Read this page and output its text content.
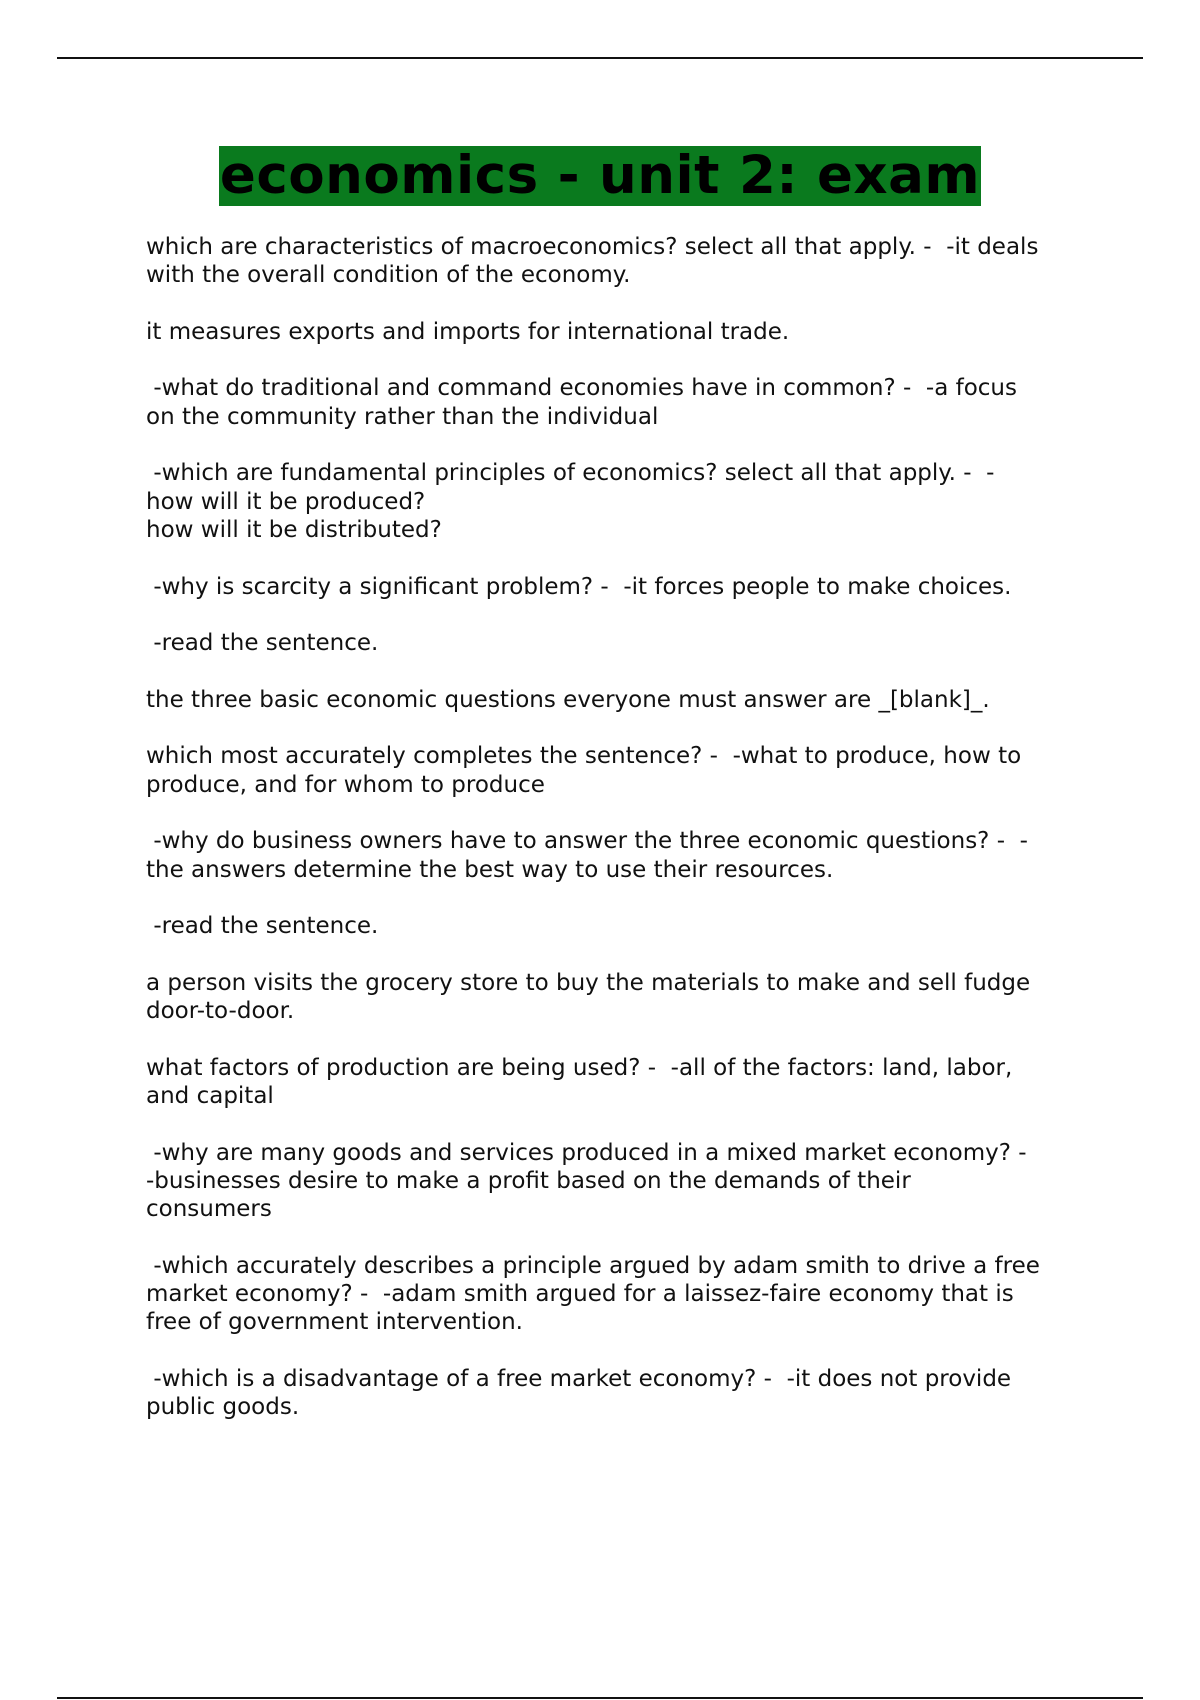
economics - unit 2: exam

which are characteristics of macroeconomics? select all that apply. -  -it deals
with the overall condition of the economy.

it measures exports and imports for international trade.

-what do traditional and command economies have in common? -  -a focus
on the community rather than the individual

-which are fundamental principles of economics? select all that apply. -  -
how will it be produced?
how will it be distributed?

-why is scarcity a significant problem? -  -it forces people to make choices.

-read the sentence.

the three basic economic questions everyone must answer are _[blank]_.

which most accurately completes the sentence? -  -what to produce, how to
produce, and for whom to produce

-why do business owners have to answer the three economic questions? -  -
the answers determine the best way to use their resources.

-read the sentence.

a person visits the grocery store to buy the materials to make and sell fudge
door-to-door.

what factors of production are being used? -  -all of the factors: land, labor,
and capital

-why are many goods and services produced in a mixed market economy? -
-businesses desire to make a profit based on the demands of their
consumers

-which accurately describes a principle argued by adam smith to drive a free
market economy? -  -adam smith argued for a laissez-faire economy that is
free of government intervention.

-which is a disadvantage of a free market economy? -  -it does not provide
public goods.
